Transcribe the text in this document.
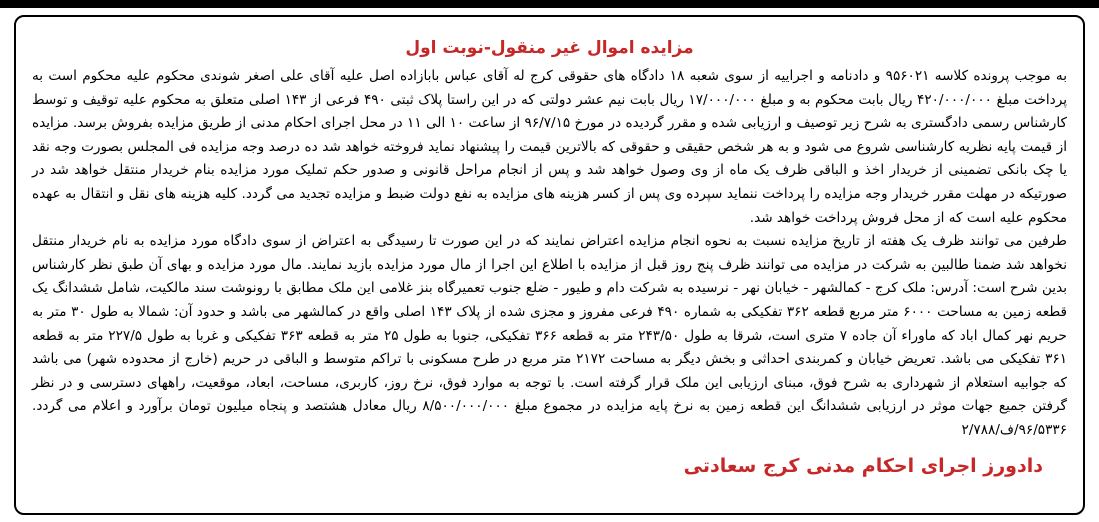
مزایده اموال غیر منقول-نوبت اول

به موجب پرونده کلاسه ۹۵۶۰۲۱ و دادنامه و اجراییه از سوی شعبه ۱۸ دادگاه های حقوقی کرج له آقای عباس بابازاده اصل علیه آقای علی اصغر شوندی محکوم علیه محکوم است به پرداخت مبلغ ۴۲۰/۰۰۰/۰۰۰ ریال بابت محکوم به و مبلغ ۱۷/۰۰۰/۰۰۰ ریال بابت نیم عشر دولتی که در این راستا پلاک ثبتی ۴۹۰ فرعی از ۱۴۳ اصلی متعلق به محکوم علیه توقیف و توسط کارشناس رسمی دادگستری به شرح زیر توصیف و ارزیابی شده و مقرر گردیده در مورخ ۹۶/۷/۱۵ از ساعت ۱۰ الی ۱۱ در محل اجرای احکام مدنی از طریق مزایده بفروش برسد. مزایده از قیمت پایه نظریه کارشناسی شروع می شود و به هر شخص حقیقی و حقوقی که بالاترین قیمت را پیشنهاد نماید فروخته خواهد شد ده درصد وجه مزایده فی المجلس بصورت وجه نقد یا چک بانکی تضمینی از خریدار اخذ و الباقی ظرف یک ماه از وی وصول خواهد شد و پس از انجام مراحل قانونی و صدور حکم تملیک مورد مزایده بنام خریدار منتقل خواهد شد در صورتیکه در مهلت مقرر خریدار وجه مزایده را پرداخت ننماید سپرده وی پس از کسر هزینه های مزایده به نفع دولت ضبط و مزایده تجدید می گردد. کلیه هزینه های نقل و انتقال به عهده محکوم علیه است که از محل فروش پرداخت خواهد شد.

طرفین می توانند ظرف یک هفته از تاریخ مزایده نسبت به نحوه انجام مزایده اعتراض نمایند که در این صورت تا رسیدگی به اعتراض از سوی دادگاه مورد مزایده به نام خریدار منتقل نخواهد شد ضمنا طالبین به شرکت در مزایده می توانند ظرف پنج روز قبل از مزایده با اطلاع این اجرا از مال مورد مزایده بازید نمایند. مال مورد مزایده و بهای آن طبق نظر کارشناس بدین شرح است: آدرس: ملک کرج - کمالشهر - خیابان نهر - نرسیده به شرکت دام و طیور - ضلع جنوب تعمیرگاه بنز غلامی این ملک مطابق با رونوشت سند مالکیت، شامل ششدانگ یک قطعه زمین به مساحت ۶۰۰۰ متر مربع قطعه ۳۶۲ تفکیکی به شماره ۴۹۰ فرعی مفروز و مجزی شده از پلاک ۱۴۳ اصلی واقع در کمالشهر می باشد و حدود آن: شمالا به طول ۳۰ متر به حریم نهر کمال اباد که ماوراء آن جاده ۷ متری است، شرقا به طول ۲۴۳/۵۰ متر به قطعه ۳۶۶ تفکیکی، جنوبا به طول ۲۵ متر به قطعه ۳۶۳ تفکیکی و غربا به طول ۲۲۷/۵ متر به قطعه ۳۶۱ تفکیکی می باشد. تعریض خیابان و کمربندی احداثی و بخش دیگر به مساحت ۲۱۷۲ متر مربع در طرح مسکونی با تراکم متوسط و الباقی در حریم (خارج از محدوده شهر) می باشد که جوابیه استعلام از شهرداری به شرح فوق، مبنای ارزیابی این ملک قرار گرفته است. با توجه به موارد فوق، نرخ روز، کاربری، مساحت، ابعاد، موقعیت، راههای دسترسی و در نظر گرفتن جمیع جهات موثر در ارزیابی ششدانگ این قطعه زمین به نرخ پایه مزایده در مجموع مبلغ ۸/۵۰۰/۰۰۰/۰۰۰ ریال معادل هشتصد و پنجاه میلیون تومان برآورد و اعلام می گردد. ۹۶/۵۳۳۶/ف/۲/۷۸۸

دادورز اجرای احکام مدنی کرج سعادتی
